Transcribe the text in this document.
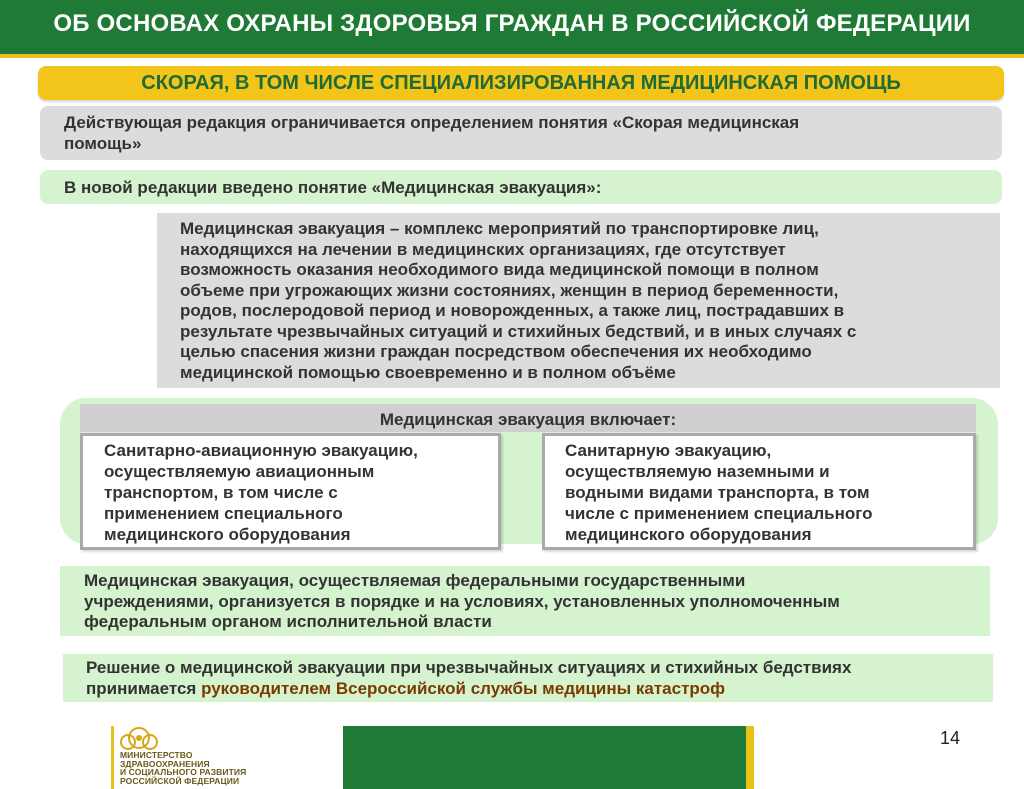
ОБ ОСНОВАХ ОХРАНЫ ЗДОРОВЬЯ ГРАЖДАН В РОССИЙСКОЙ ФЕДЕРАЦИИ
СКОРАЯ, В ТОМ ЧИСЛЕ СПЕЦИАЛИЗИРОВАННАЯ МЕДИЦИНСКАЯ ПОМОЩЬ
Действующая редакция ограничивается определением понятия «Скорая медицинская
помощь»
В новой редакции введено понятие «Медицинская эвакуация»:
Медицинская эвакуация – комплекс мероприятий по транспортировке лиц,
находящихся на лечении в медицинских организациях, где отсутствует
возможность оказания необходимого вида медицинской помощи в полном
объеме при угрожающих жизни состояниях, женщин в период беременности,
родов, послеродовой период и новорожденных, а также лиц, пострадавших в
результате чрезвычайных ситуаций и стихийных бедствий, и в иных случаях с
целью спасения жизни граждан посредством обеспечения их необходимо
медицинской помощью своевременно и в полном объёме
Медицинская эвакуация включает:
Санитарно-авиационную эвакуацию,
осуществляемую авиационным
транспортом, в том числе с
применением специального
медицинского оборудования
Санитарную эвакуацию,
осуществляемую наземными и
водными видами транспорта, в том
числе с применением специального
медицинского оборудования
Медицинская эвакуация, осуществляемая федеральными государственными
учреждениями, организуется в порядке и на условиях, установленных уполномоченным
федеральным органом исполнительной власти
Решение о медицинской эвакуации при чрезвычайных ситуациях и стихийных бедствиях
принимается руководителем Всероссийской службы медицины катастроф
МИНИСТЕРСТВО
ЗДРАВООХРАНЕНИЯ
И СОЦИАЛЬНОГО РАЗВИТИЯ
РОССИЙСКОЙ ФЕДЕРАЦИИ
14
